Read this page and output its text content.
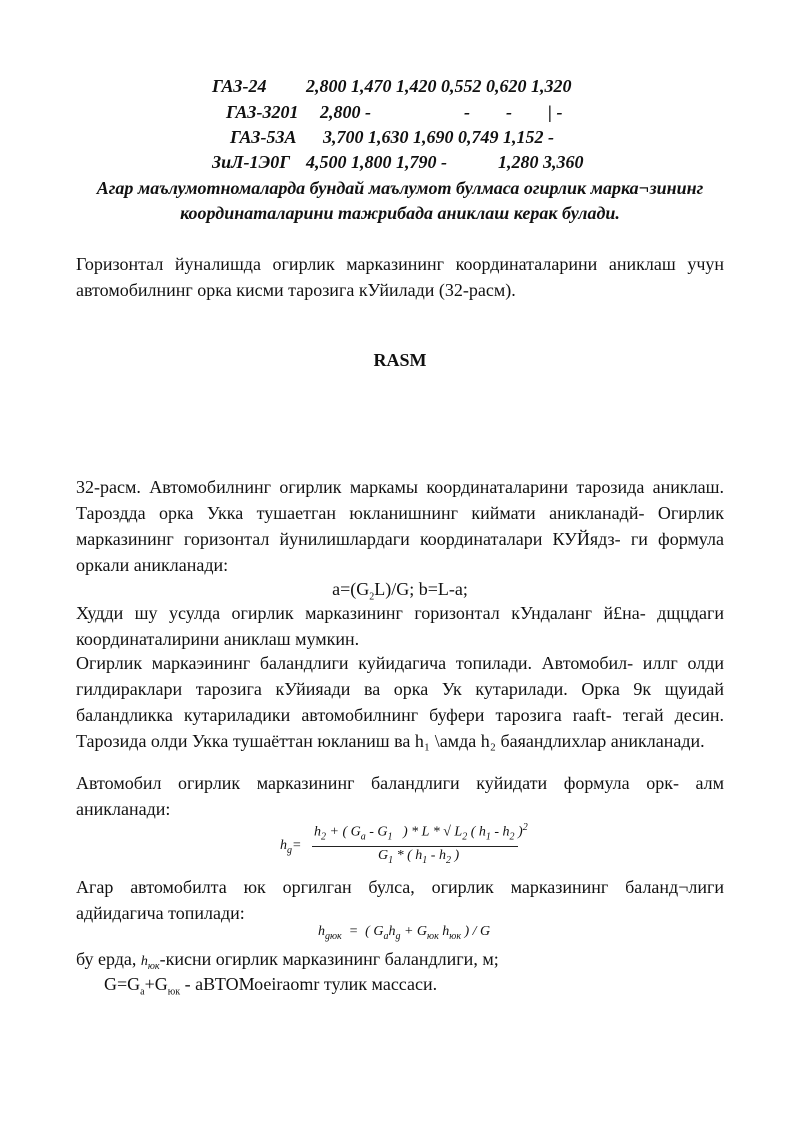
ГАЗ-24

2,800 1,470 1,420 0,552 0,620 1,320

ГАЗ-3201

2,800 -

	-        -        | -

ГАЗ-53А

3,700 1,630 1,690 0,749 1,152 -

ЗиЛ-1Э0Г

4,500 1,800 1,790 -

	1,280 3,360

Агар маълумотномаларда бундай маълумот булмаса огирлик марка¬зининг
координаталарини тажрибада аниклаш керак булади.
Горизонтал йуналишда огирлик марказининг координаталарини аниклаш учун автомобилнинг орка кисми тарозига кУйилади (32-расм).
RASM
32-расм. Автомобилнинг огирлик маркамы координаталарини тарозида аниклаш. Тароздда орка Укка тушаетган юкланишнинг киймати аникланадй- Огирлик марказининг горизонтал йунилишлардаги координаталари КУЙядз- ги формула оркали аникланади:
$a=(G_2L)/G$; b=L-a;
Худди шу усулда огирлик марказининг горизонтал кУндаланг й£на- дщцдаги координаталирини аниклаш мумкин.
Огирлик маркаэининг баландлиги куйидагича топилади. Автомобил- иллг олди гилдираклари тарозига кУйияади ва орка Ук кутарилади. Орка 9к щуидай баландликка кутариладики автомобилнинг буфери тарозига raaft- тегай десин. Тарозида олди Укка тушаёттан юкланиш ва h₁ \амда h₂ баяандлихлар аникланади.
Автомобил огирлик марказининг баландлиги куйидати формула орк- алм аникланади:
$h_g=$
$h_2$ + ( $G_a - G_1$   ) * L * √ $L_2$ ( $h_1 - h_2$ )$^2$
$G_1$ * ( $h_1 - h_2$ )
Агар автомобилта юк оргилган булса, огирлик марказининг баланд¬лиги адйидагича топилади:
$h_{gюк}$  =  ( $G_ah_g + G_{юк}$ $h_{юк}$ ) / G
бу ерда, $h_{юк}$-кисни огирлик марказининг баландлиги, м;
$G=G_а+G_{юк}$ - аВТОМоеiraomr тулик массаси.
